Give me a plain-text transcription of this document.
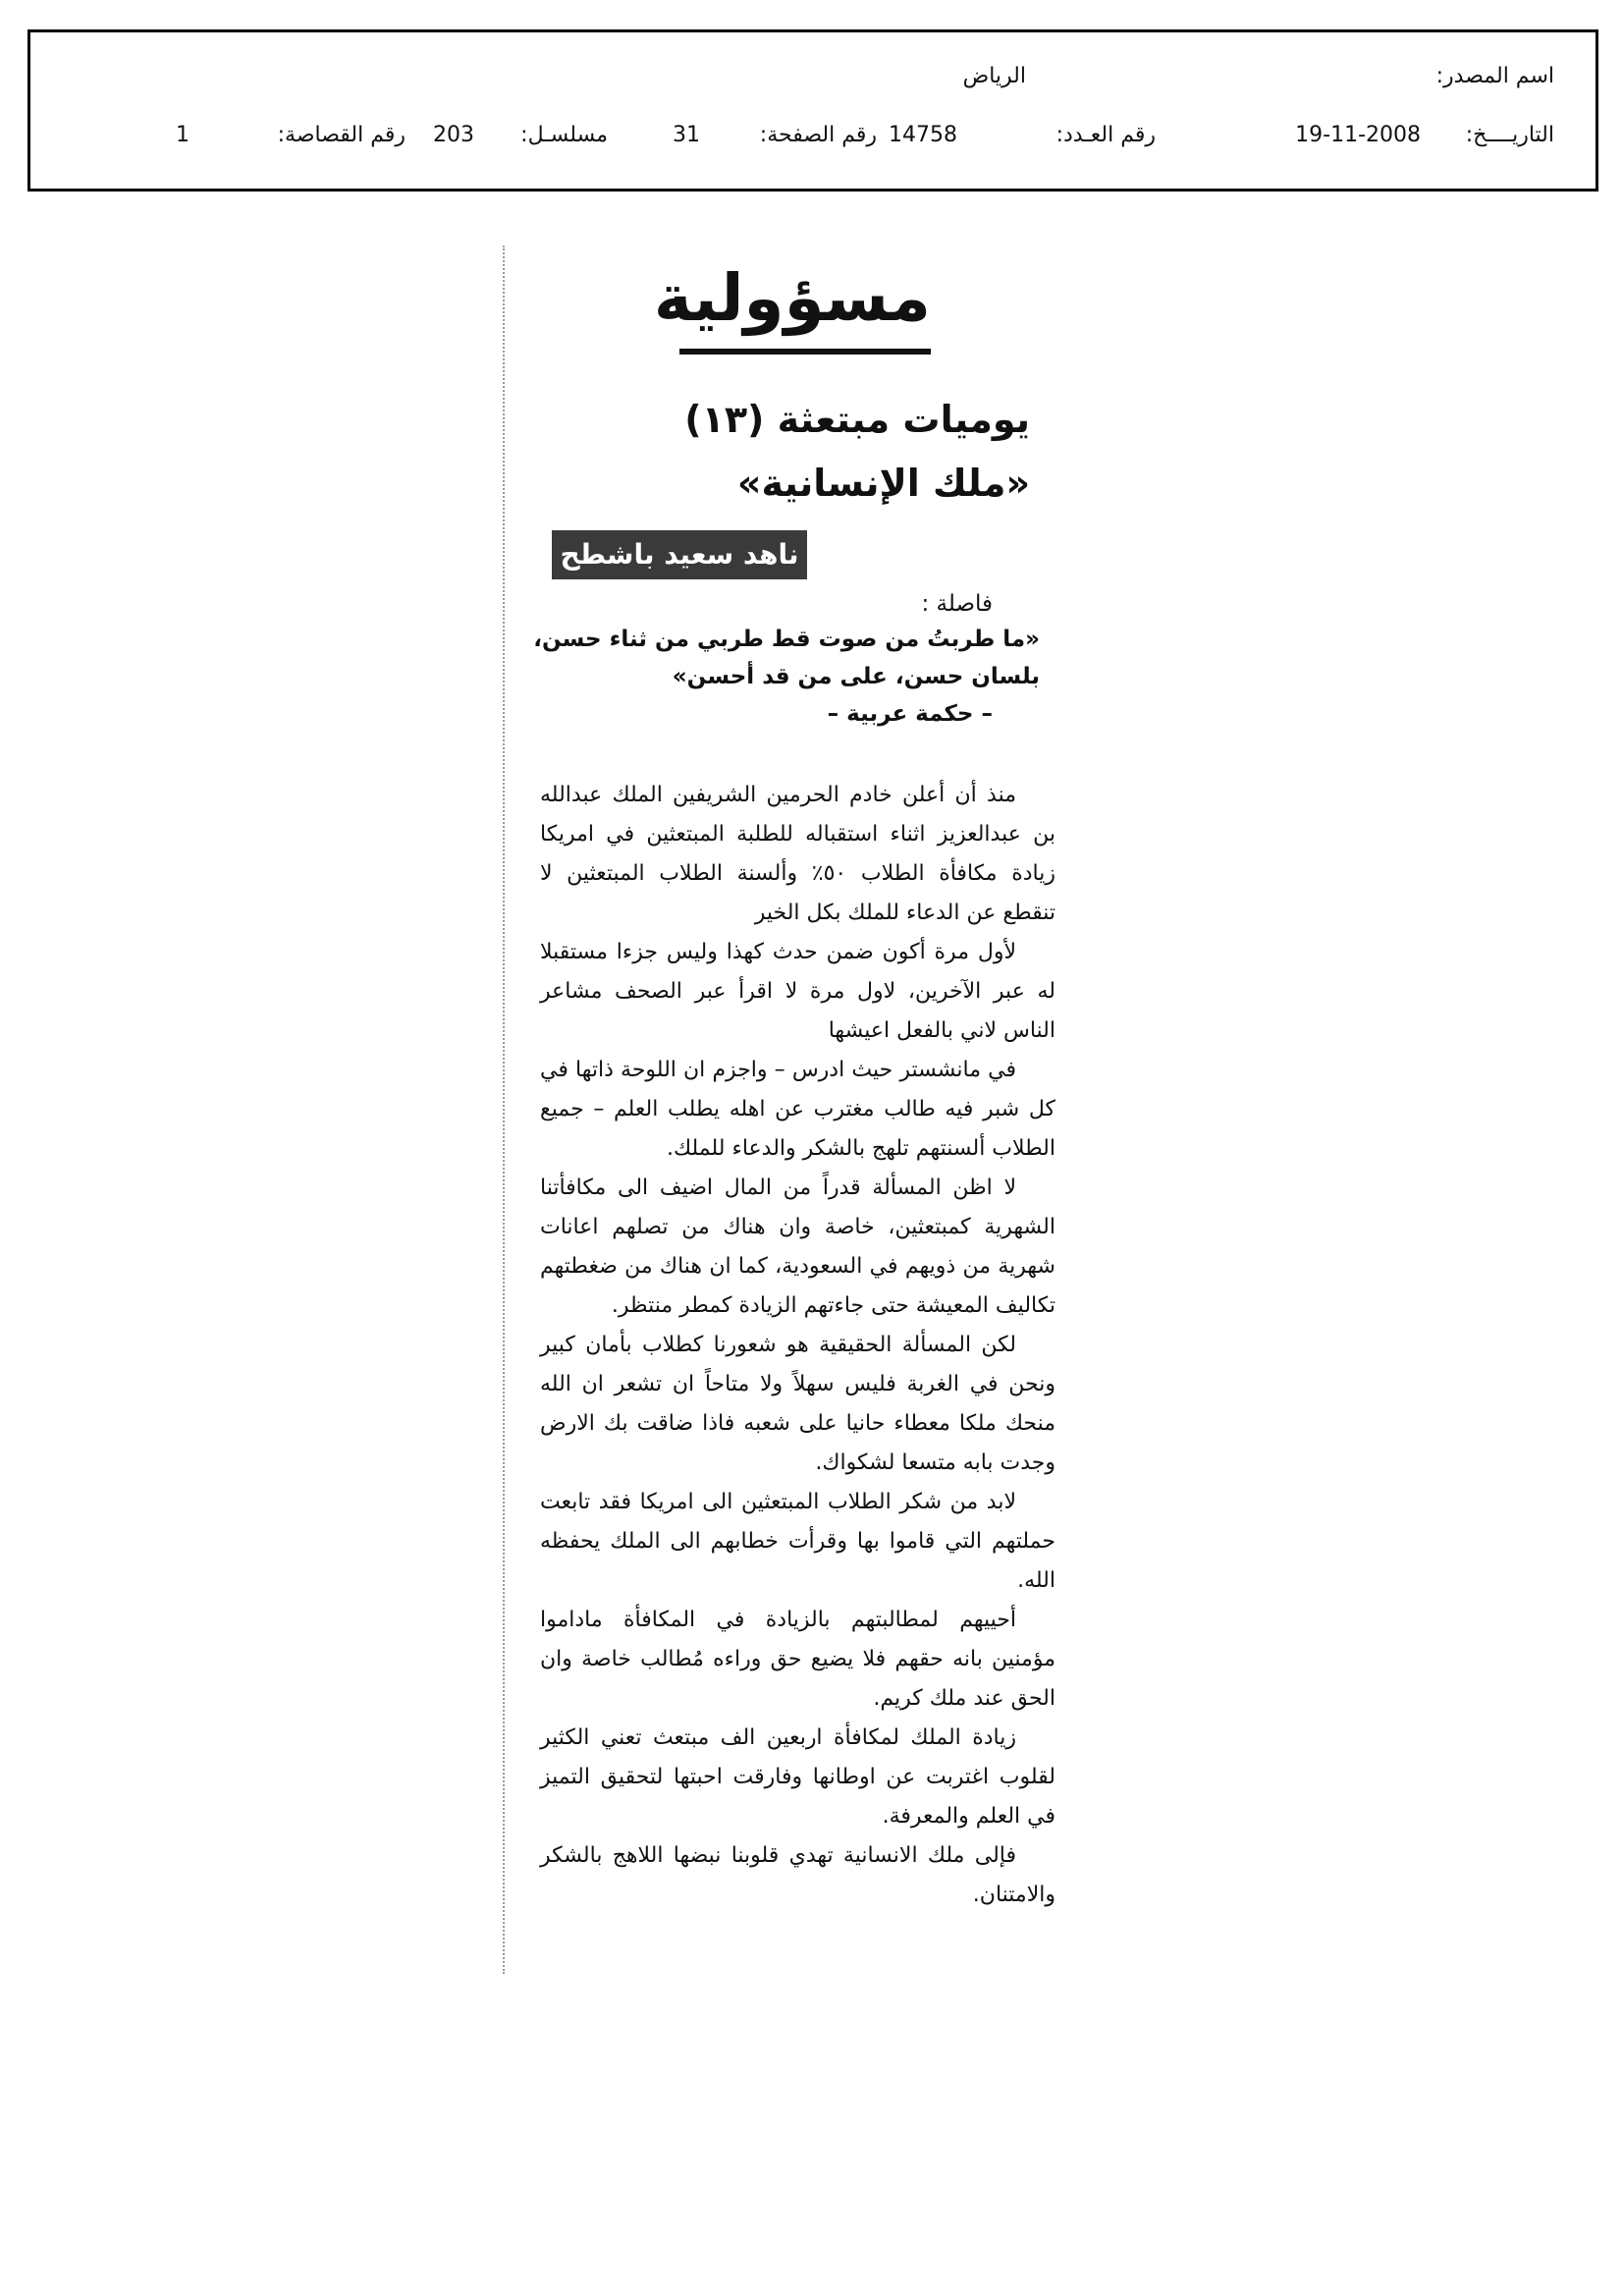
اسم المصدر:
الرياض
التاريــــخ:
19-11-2008
رقم العـدد:
14758
رقم الصفحة:
31
مسلسـل:
203
رقم القصاصة:
1
مسؤولية
يوميات مبتعثة (١٣)
«ملك الإنسانية»
ناهد سعيد باشطح
فاصلة :
«ما طربتُ من صوت قط طربي من ثناء حسن،
بلسان حسن، على من قد أحسن»
– حكمة عربية –

منذ أن أعلن خادم الحرمين الشريفين الملك عبدالله بن عبدالعزيز اثناء استقباله للطلبة المبتعثين في امريكا زيادة مكافأة الطلاب ٥٠٪ وألسنة الطلاب المبتعثين لا تنقطع عن الدعاء للملك بكل الخير

لأول مرة أكون ضمن حدث كهذا وليس جزءا مستقبلا له عبر الآخرين، لاول مرة لا اقرأ عبر الصحف مشاعر الناس لاني بالفعل اعيشها

في مانشستر حيث ادرس – واجزم ان اللوحة ذاتها في كل شبر فيه طالب مغترب عن اهله يطلب العلم – جميع الطلاب ألسنتهم تلهج بالشكر والدعاء للملك.

لا اظن المسألة قدراً من المال اضيف الى مكافأتنا الشهرية كمبتعثين، خاصة وان هناك من تصلهم اعانات شهرية من ذويهم في السعودية، كما ان هناك من ضغطتهم تكاليف المعيشة حتى جاءتهم الزيادة كمطر منتظر.

لكن المسألة الحقيقية هو شعورنا كطلاب بأمان كبير ونحن في الغربة فليس سهلاً ولا متاحاً ان تشعر ان الله منحك ملكا معطاء حانيا على شعبه فاذا ضاقت بك الارض وجدت بابه متسعا لشكواك.

لابد من شكر الطلاب المبتعثين الى امريكا فقد تابعت حملتهم التي قاموا بها وقرأت خطابهم الى الملك يحفظه الله.

أحييهم لمطالبتهم بالزيادة في المكافأة ماداموا مؤمنين بانه حقهم فلا يضيع حق وراءه مُطالب خاصة وان الحق عند ملك كريم.

زيادة الملك لمكافأة اربعين الف مبتعث تعني الكثير لقلوب اغتربت عن اوطانها وفارقت احبتها لتحقيق التميز في العلم والمعرفة.

فإلى ملك الانسانية تهدي قلوبنا نبضها اللاهج بالشكر والامتنان.
